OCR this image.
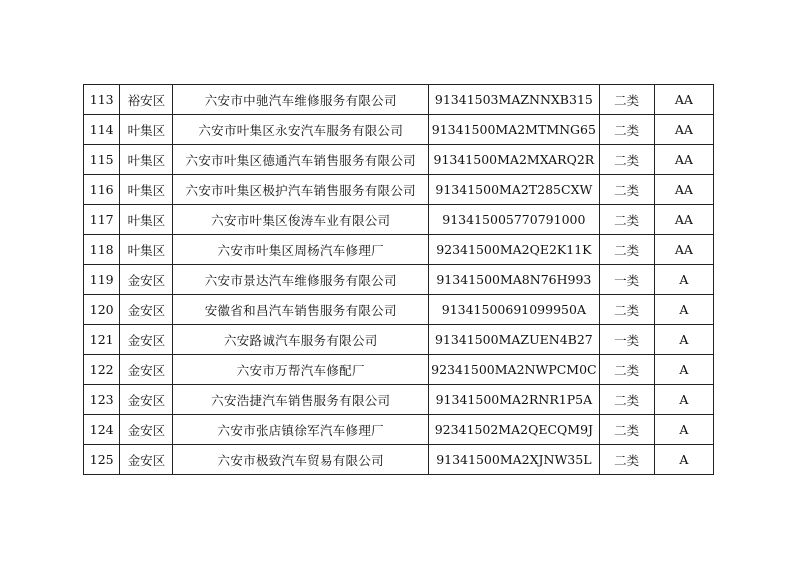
113	裕安区	六安市中驰汽车维修服务有限公司	91341503MAZNNXB315	二类	AA
114	叶集区	六安市叶集区永安汽车服务有限公司	91341500MA2MTMNG65	二类	AA
115	叶集区	六安市叶集区德通汽车销售服务有限公司	91341500MA2MXARQ2R	二类	AA
116	叶集区	六安市叶集区极护汽车销售服务有限公司	91341500MA2T285CXW	二类	AA
117	叶集区	六安市叶集区俊涛车业有限公司	913415005770791000	二类	AA
118	叶集区	六安市叶集区周杨汽车修理厂	92341500MA2QE2K11K	二类	AA
119	金安区	六安市景达汽车维修服务有限公司	91341500MA8N76H993	一类	A
120	金安区	安徽省和昌汽车销售服务有限公司	91341500691099950A	二类	A
121	金安区	六安路诚汽车服务有限公司	91341500MAZUEN4B27	一类	A
122	金安区	六安市万帮汽车修配厂	92341500MA2NWPCM0C	二类	A
123	金安区	六安浩捷汽车销售服务有限公司	91341500MA2RNR1P5A	二类	A
124	金安区	六安市张店镇徐军汽车修理厂	92341502MA2QECQM9J	二类	A
125	金安区	六安市极致汽车贸易有限公司	91341500MA2XJNW35L	二类	A
